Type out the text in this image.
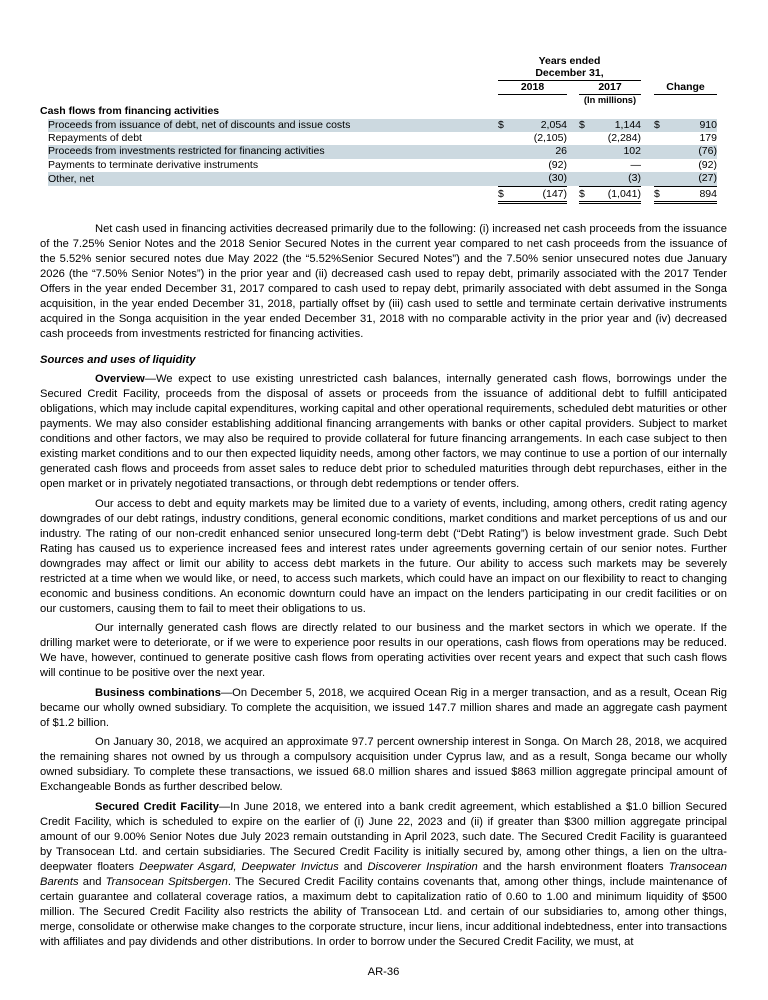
		Years ended							
		December 31,							
		2018			2017			Change	
					(In millions)				
Cash flows from financing activities									
	Proceeds from issuance of debt, net of discounts and issue costs	$	2,054		$	1,144		$	910
	Repayments of debt		(2,105)			(2,284)			179
	Proceeds from investments restricted for financing activities		26			102			(76)
	Payments to terminate derivative instruments		(92)			—			(92)
	Other, net		(30)			(3)			(27)
		$	(147)		$	(1,041)		$	894

Net cash used in financing activities decreased primarily due to the following: (i) increased net cash proceeds from the issuance of the 7.25% Senior Notes and the 2018 Senior Secured Notes in the current year compared to net cash proceeds from the issuance of the 5.52% senior secured notes due May 2022 (the “5.52%Senior Secured Notes”) and the 7.50% senior unsecured notes due January 2026 (the “7.50% Senior Notes”) in the prior year and (ii) decreased cash used to repay debt, primarily associated with the 2017 Tender Offers in the year ended December 31, 2017 compared to cash used to repay debt, primarily associated with debt assumed in the Songa acquisition, in the year ended December 31, 2018, partially offset by (iii) cash used to settle and terminate certain derivative instruments acquired in the Songa acquisition in the year ended December 31, 2018 with no comparable activity in the prior year and (iv) decreased cash proceeds from investments restricted for financing activities.

Sources and uses of liquidity

Overview—We expect to use existing unrestricted cash balances, internally generated cash flows, borrowings under the Secured Credit Facility, proceeds from the disposal of assets or proceeds from the issuance of additional debt to fulfill anticipated obligations, which may include capital expenditures, working capital and other operational requirements, scheduled debt maturities or other payments. We may also consider establishing additional financing arrangements with banks or other capital providers. Subject to market conditions and other factors, we may also be required to provide collateral for future financing arrangements. In each case subject to then existing market conditions and to our then expected liquidity needs, among other factors, we may continue to use a portion of our internally generated cash flows and proceeds from asset sales to reduce debt prior to scheduled maturities through debt repurchases, either in the open market or in privately negotiated transactions, or through debt redemptions or tender offers.

Our access to debt and equity markets may be limited due to a variety of events, including, among others, credit rating agency downgrades of our debt ratings, industry conditions, general economic conditions, market conditions and market perceptions of us and our industry. The rating of our non-credit enhanced senior unsecured long-term debt (“Debt Rating”) is below investment grade. Such Debt Rating has caused us to experience increased fees and interest rates under agreements governing certain of our senior notes. Further downgrades may affect or limit our ability to access debt markets in the future. Our ability to access such markets may be severely restricted at a time when we would like, or need, to access such markets, which could have an impact on our flexibility to react to changing economic and business conditions. An economic downturn could have an impact on the lenders participating in our credit facilities or on our customers, causing them to fail to meet their obligations to us.

Our internally generated cash flows are directly related to our business and the market sectors in which we operate. If the drilling market were to deteriorate, or if we were to experience poor results in our operations, cash flows from operations may be reduced. We have, however, continued to generate positive cash flows from operating activities over recent years and expect that such cash flows will continue to be positive over the next year.

Business combinations—On December 5, 2018, we acquired Ocean Rig in a merger transaction, and as a result, Ocean Rig became our wholly owned subsidiary. To complete the acquisition, we issued 147.7 million shares and made an aggregate cash payment of $1.2 billion.

On January 30, 2018, we acquired an approximate 97.7 percent ownership interest in Songa. On March 28, 2018, we acquired the remaining shares not owned by us through a compulsory acquisition under Cyprus law, and as a result, Songa became our wholly owned subsidiary. To complete these transactions, we issued 68.0 million shares and issued $863 million aggregate principal amount of Exchangeable Bonds as further described below.

Secured Credit Facility—In June 2018, we entered into a bank credit agreement, which established a $1.0 billion Secured Credit Facility, which is scheduled to expire on the earlier of (i) June 22, 2023 and (ii) if greater than $300 million aggregate principal amount of our 9.00% Senior Notes due July 2023 remain outstanding in April 2023, such date. The Secured Credit Facility is guaranteed by Transocean Ltd. and certain subsidiaries. The Secured Credit Facility is initially secured by, among other things, a lien on the ultra-deepwater floaters Deepwater Asgard, Deepwater Invictus and Discoverer Inspiration and the harsh environment floaters Transocean Barents and Transocean Spitsbergen. The Secured Credit Facility contains covenants that, among other things, include maintenance of certain guarantee and collateral coverage ratios, a maximum debt to capitalization ratio of 0.60 to 1.00 and minimum liquidity of $500 million. The Secured Credit Facility also restricts the ability of Transocean Ltd. and certain of our subsidiaries to, among other things, merge, consolidate or otherwise make changes to the corporate structure, incur liens, incur additional indebtedness, enter into transactions with affiliates and pay dividends and other distributions. In order to borrow under the Secured Credit Facility, we must, at

AR-36
